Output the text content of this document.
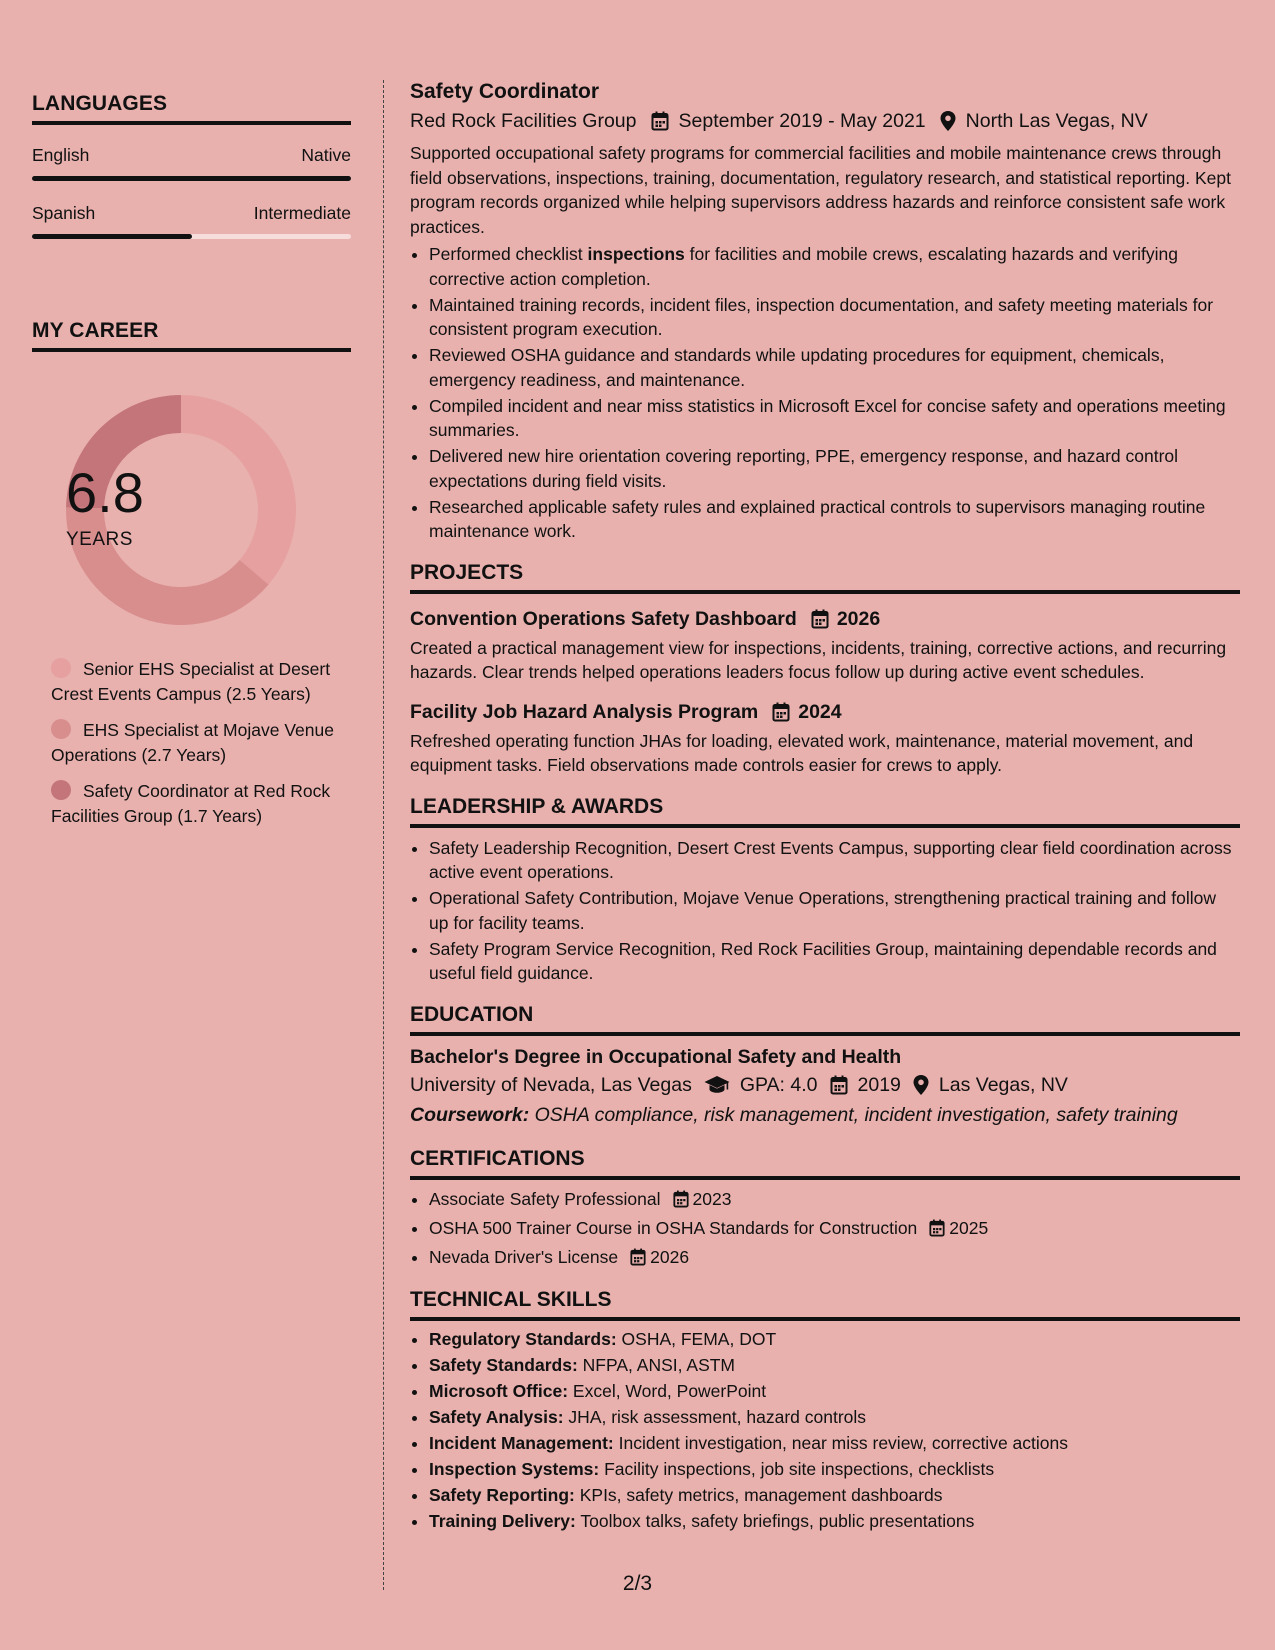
LANGUAGES
English	Native
Spanish	Intermediate
MY CAREER
6.8
YEARS
Senior EHS Specialist at Desert Crest Events Campus (2.5 Years)
EHS Specialist at Mojave Venue Operations (2.7 Years)
Safety Coordinator at Red Rock Facilities Group (1.7 Years)
Safety Coordinator
Red Rock Facilities Group September 2019 - May 2021 North Las Vegas, NV

Supported occupational safety programs for commercial facilities and mobile maintenance crews through field observations, inspections, training, documentation, regulatory research, and statistical reporting. Kept program records organized while helping supervisors address hazards and reinforce consistent safe work practices.

• Performed checklist inspections for facilities and mobile crews, escalating hazards and verifying corrective action completion.
• Maintained training records, incident files, inspection documentation, and safety meeting materials for consistent program execution.
• Reviewed OSHA guidance and standards while updating procedures for equipment, chemicals, emergency readiness, and maintenance.
• Compiled incident and near miss statistics in Microsoft Excel for concise safety and operations meeting summaries.
• Delivered new hire orientation covering reporting, PPE, emergency response, and hazard control expectations during field visits.
• Researched applicable safety rules and explained practical controls to supervisors managing routine maintenance work.
PROJECTS
Convention Operations Safety Dashboard 2026

Created a practical management view for inspections, incidents, training, corrective actions, and recurring hazards. Clear trends helped operations leaders focus follow up during active event schedules.

Facility Job Hazard Analysis Program 2024

Refreshed operating function JHAs for loading, elevated work, maintenance, material movement, and equipment tasks. Field observations made controls easier for crews to apply.

LEADERSHIP & AWARDS
• Safety Leadership Recognition, Desert Crest Events Campus, supporting clear field coordination across active event operations.
• Operational Safety Contribution, Mojave Venue Operations, strengthening practical training and follow up for facility teams.
• Safety Program Service Recognition, Red Rock Facilities Group, maintaining dependable records and useful field guidance.
EDUCATION
Bachelor's Degree in Occupational Safety and Health
University of Nevada, Las Vegas GPA: 4.0 2019 Las Vegas, NV
Coursework: OSHA compliance, risk management, incident investigation, safety training
CERTIFICATIONS
• Associate Safety Professional 2023
• OSHA 500 Trainer Course in OSHA Standards for Construction 2025
• Nevada Driver's License 2026
TECHNICAL SKILLS
• Regulatory Standards: OSHA, FEMA, DOT
• Safety Standards: NFPA, ANSI, ASTM
• Microsoft Office: Excel, Word, PowerPoint
• Safety Analysis: JHA, risk assessment, hazard controls
• Incident Management: Incident investigation, near miss review, corrective actions
• Inspection Systems: Facility inspections, job site inspections, checklists
• Safety Reporting: KPIs, safety metrics, management dashboards
• Training Delivery: Toolbox talks, safety briefings, public presentations
2/3
